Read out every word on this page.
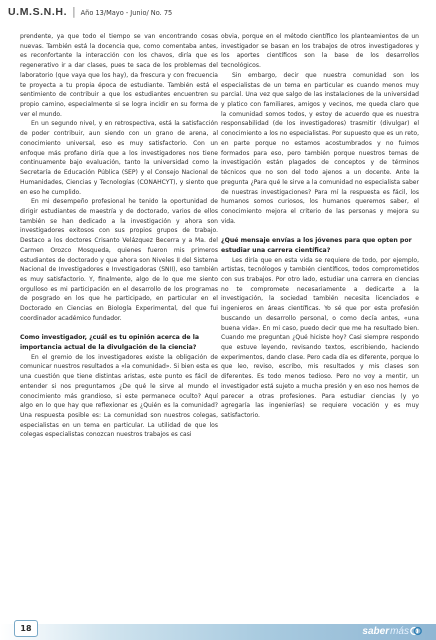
U.M.S.N.H. | Año 13/Mayo - Junio/ No. 75

prendente, ya que todo el tiempo se van encontrando cosas nuevas. También está la docencia que, como comentaba antes, es reconfortante la interacción con los chavos, diría que es regenerativo ir a dar clases, pues te saca de los problemas del laboratorio (que vaya que los hay), da frescura y con frecuencia te proyecta a tu propia época de estudiante. También está el sentimiento de contribuir a que los estudiantes encuentren su propio camino, especialmente si se logra incidir en su forma de ver el mundo.

En un segundo nivel, y en retrospectiva, está la satisfacción de poder contribuir, aun siendo con un grano de arena, al conocimiento universal, eso es muy satisfactorio. Con un enfoque más profano diría que a los investigadores nos tiene continuamente bajo evaluación, tanto la universidad como la Secretaría de Educación Pública (SEP) y el Consejo Nacional de Humanidades, Ciencias y Tecnologías (CONAHCYT), y siento que en eso he cumplido.

En mi desempeño profesional he tenido la oportunidad de dirigir estudiantes de maestría y de doctorado, varios de ellos también se han dedicado a la investigación y ahora son investigadores exitosos con sus propios grupos de trabajo. Destaco a los doctores Crisanto Velázquez Becerra y a Ma. del Carmen Orozco Mosqueda, quienes fueron mis primeros estudiantes de doctorado y que ahora son Niveles II del Sistema Nacional de Investigadores e Investigadoras (SNII), eso también es muy satisfactorio. Y, finalmente, algo de lo que me siento orgulloso es mi participación en el desarrollo de los programas de posgrado en los que he participado, en particular en el Doctorado en Ciencias en Biología Experimental, del que fui coordinador académico fundador.

Como investigador, ¿cuál es tu opinión acerca de la importancia actual de la divulgación de la ciencia?

En el gremio de los investigadores existe la obligación de comunicar nuestros resultados a «la comunidad». Si bien esta es una cuestión que tiene distintas aristas, este punto es fácil de entender si nos preguntamos ¿De qué le sirve al mundo el conocimiento más grandioso, si este permanece oculto? Aquí algo en lo que hay que reflexionar es ¿Quién es la comunidad? Una respuesta posible es: La comunidad son nuestros colegas, especialistas en un tema en particular. La utilidad de que los colegas especialistas conozcan nuestros trabajos es casi

obvia, porque en el método científico los planteamientos de un investigador se basan en los trabajos de otros investigadores y los aportes científicos son la base de los desarrollos tecnológicos.

Sin embargo, decir que nuestra comunidad son los especialistas de un tema en particular es cuando menos muy parcial. Una vez que salgo de las instalaciones de la universidad y platico con familiares, amigos y vecinos, me queda claro que la comunidad somos todos, y estoy de acuerdo que es nuestra responsabilidad (de los investigadores) trasmitir (divulgar) el conocimiento a los no especialistas. Por supuesto que es un reto, en parte porque no estamos acostumbrados y no fuimos formados para eso, pero también porque nuestros temas de investigación están plagados de conceptos y de términos técnicos que no son del todo ajenos a un docente. Ante la pregunta ¿Para qué le sirve a la comunidad no especialista saber de nuestras investigaciones? Para mí la respuesta es fácil, los humanos somos curiosos, los humanos queremos saber, el conocimiento mejora el criterio de las personas y mejora su vida.

¿Qué mensaje envías a los jóvenes para que opten por estudiar una carrera científica?

Les diría que en esta vida se requiere de todo, por ejemplo, artistas, tecnólogos y también científicos, todos comprometidos con sus trabajos. Por otro lado, estudiar una carrera en ciencias no te compromete necesariamente a dedicarte a la investigación, la sociedad también necesita licenciados e ingenieros en áreas científicas. Yo sé que por esta profesión buscando un desarrollo personal, o como decía antes, «una buena vida». En mi caso, puedo decir que me ha resultado bien. Cuando me preguntan ¿Qué hiciste hoy? Casi siempre respondo que estuve leyendo, revisando textos, escribiendo, haciendo experimentos, dando clase. Pero cada día es diferente, porque lo que leo, reviso, escribo, mis resultados y mis clases son diferentes. Es todo menos tedioso. Pero no voy a mentir, un investigador está sujeto a mucha presión y en eso nos hemos de parecer a otras profesiones. Para estudiar ciencias (y yo agregaría las ingenierías) se requiere vocación y es muy satisfactorio.

18	saber más
